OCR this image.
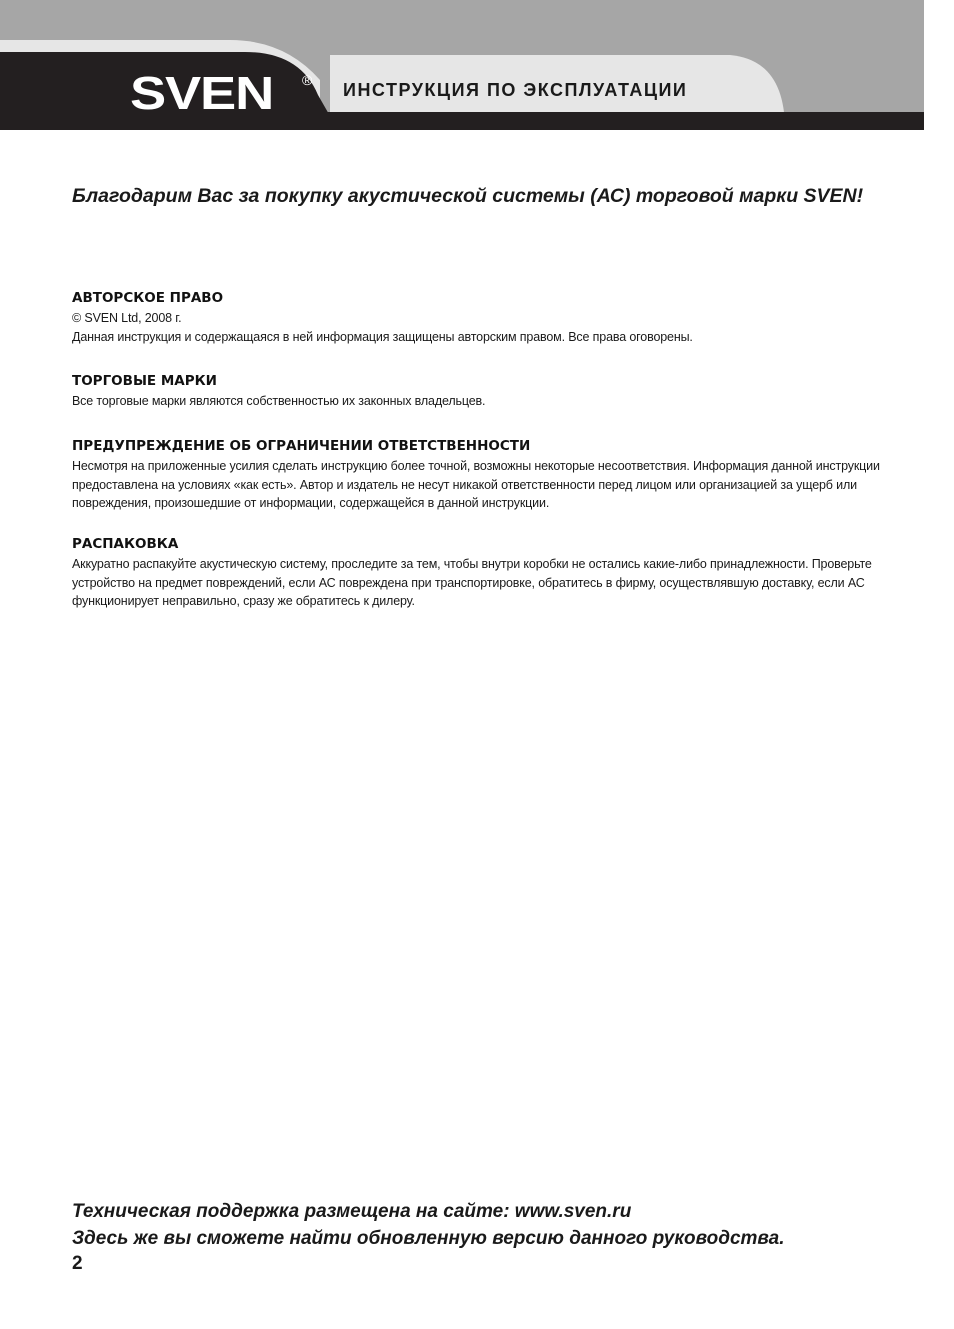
SVEN ® ИНСТРУКЦИЯ ПО ЭКСПЛУАТАЦИИ
Благодарим Вас за покупку акустической системы (АС) торговой марки SVEN!
АВТОРСКОЕ ПРАВО

© SVEN Ltd, 2008 г.

Данная инструкция и содержащаяся в ней информация защищены авторским правом. Все права оговорены.

ТОРГОВЫЕ МАРКИ

Все торговые марки являются собственностью их законных владельцев.

ПРЕДУПРЕЖДЕНИЕ ОБ ОГРАНИЧЕНИИ ОТВЕТСТВЕННОСТИ

Несмотря на приложенные усилия сделать инструкцию более точной, возможны некоторые несоответствия. Информация данной инструкции предоставлена на условиях «как есть». Автор и издатель не несут никакой ответственности перед лицом или организацией за ущерб или повреждения, произошедшие от информации, содержащейся в данной инструкции.

РАСПАКОВКА

Аккуратно распакуйте акустическую систему, проследите за тем, чтобы внутри коробки не остались какие-либо принадлежности. Проверьте устройство на предмет повреждений, если АС повреждена при транспортировке, обратитесь в фирму, осуществлявшую доставку, если АС функционирует неправильно, сразу же обратитесь к дилеру.

Техническая поддержка размещена на сайте: www.sven.ru
Здесь же вы сможете найти обновленную версию данного руководства.
2
